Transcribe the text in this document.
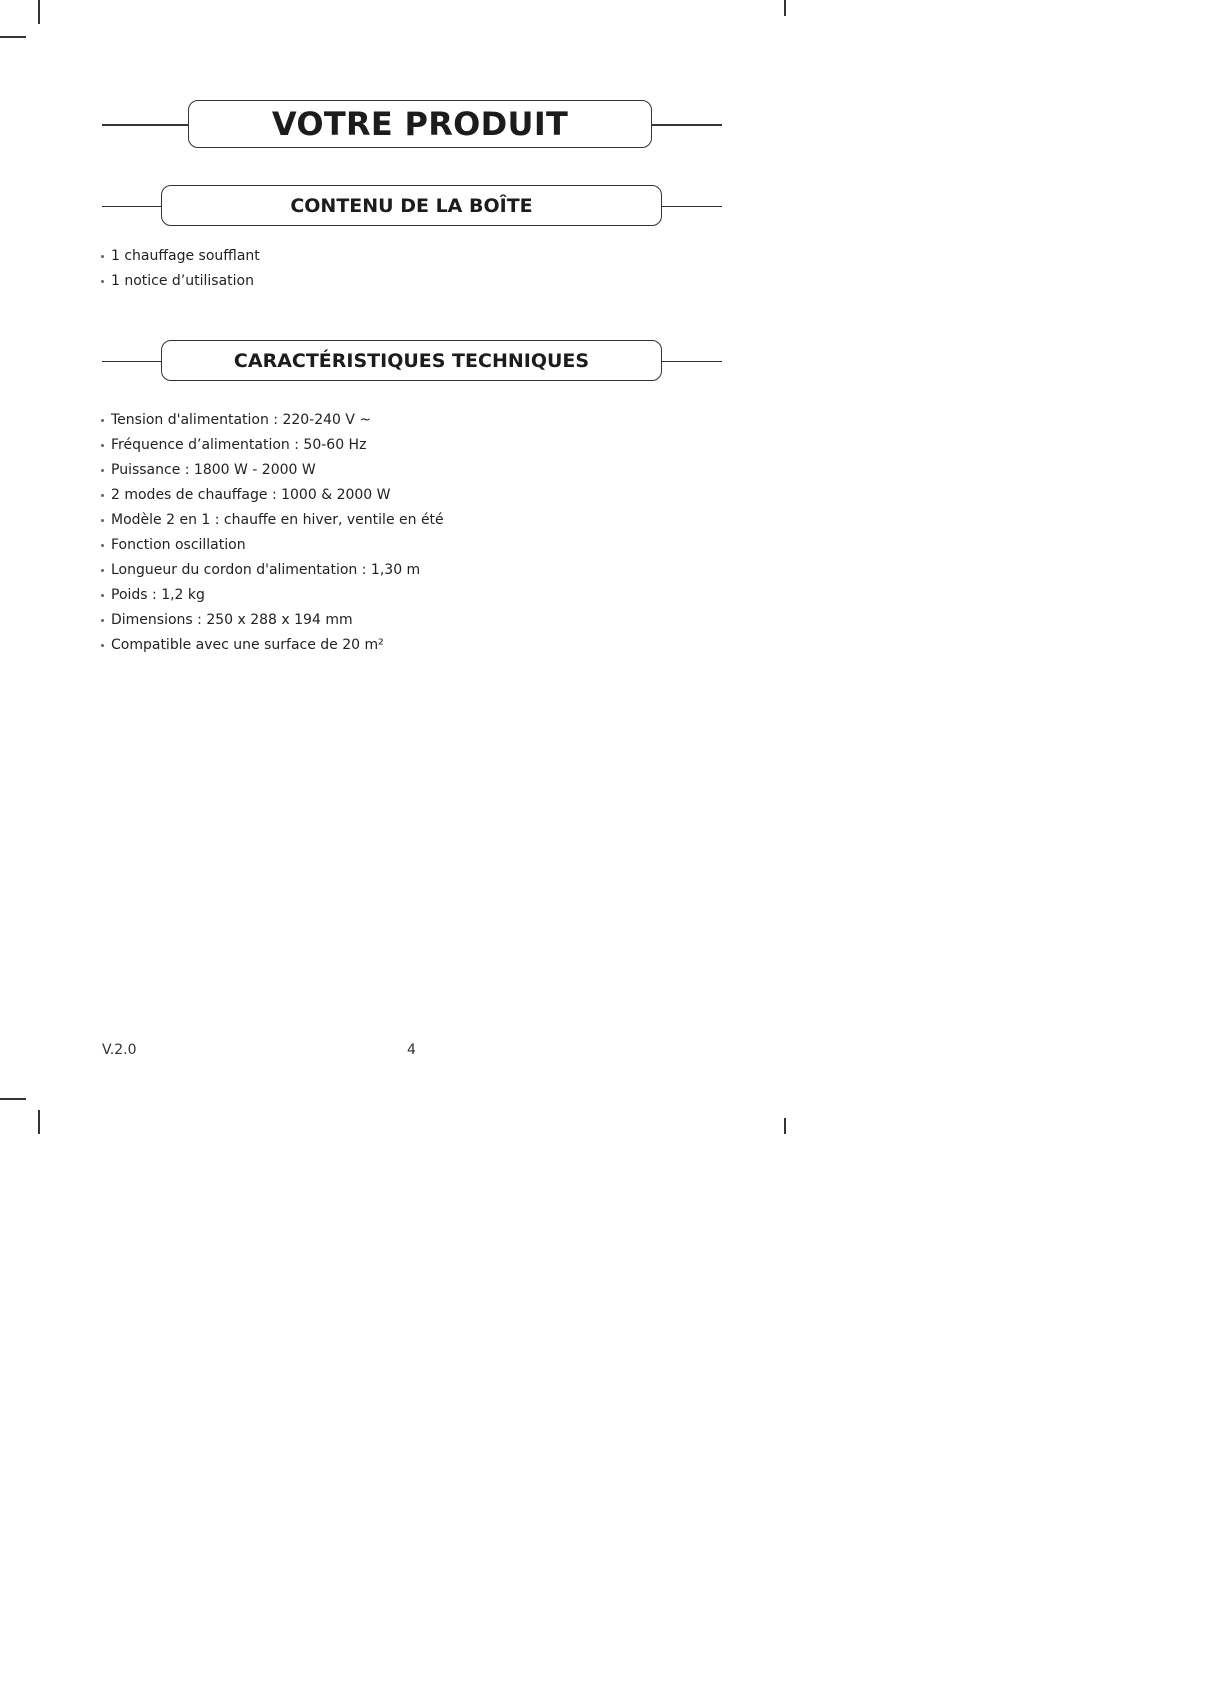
VOTRE PRODUIT
CONTENU DE LA BOÎTE
1 chauffage soufflant
1 notice d’utilisation
CARACTÉRISTIQUES TECHNIQUES
Tension d'alimentation : 220-240 V ~
Fréquence d’alimentation : 50-60 Hz
Puissance : 1800 W - 2000 W
2 modes de chauffage : 1000 & 2000 W
Modèle 2 en 1 : chauffe en hiver, ventile en été
Fonction oscillation
Longueur du cordon d'alimentation : 1,30 m
Poids : 1,2 kg
Dimensions : 250 x 288 x 194 mm
Compatible avec une surface de 20 m²
V.2.0	4
